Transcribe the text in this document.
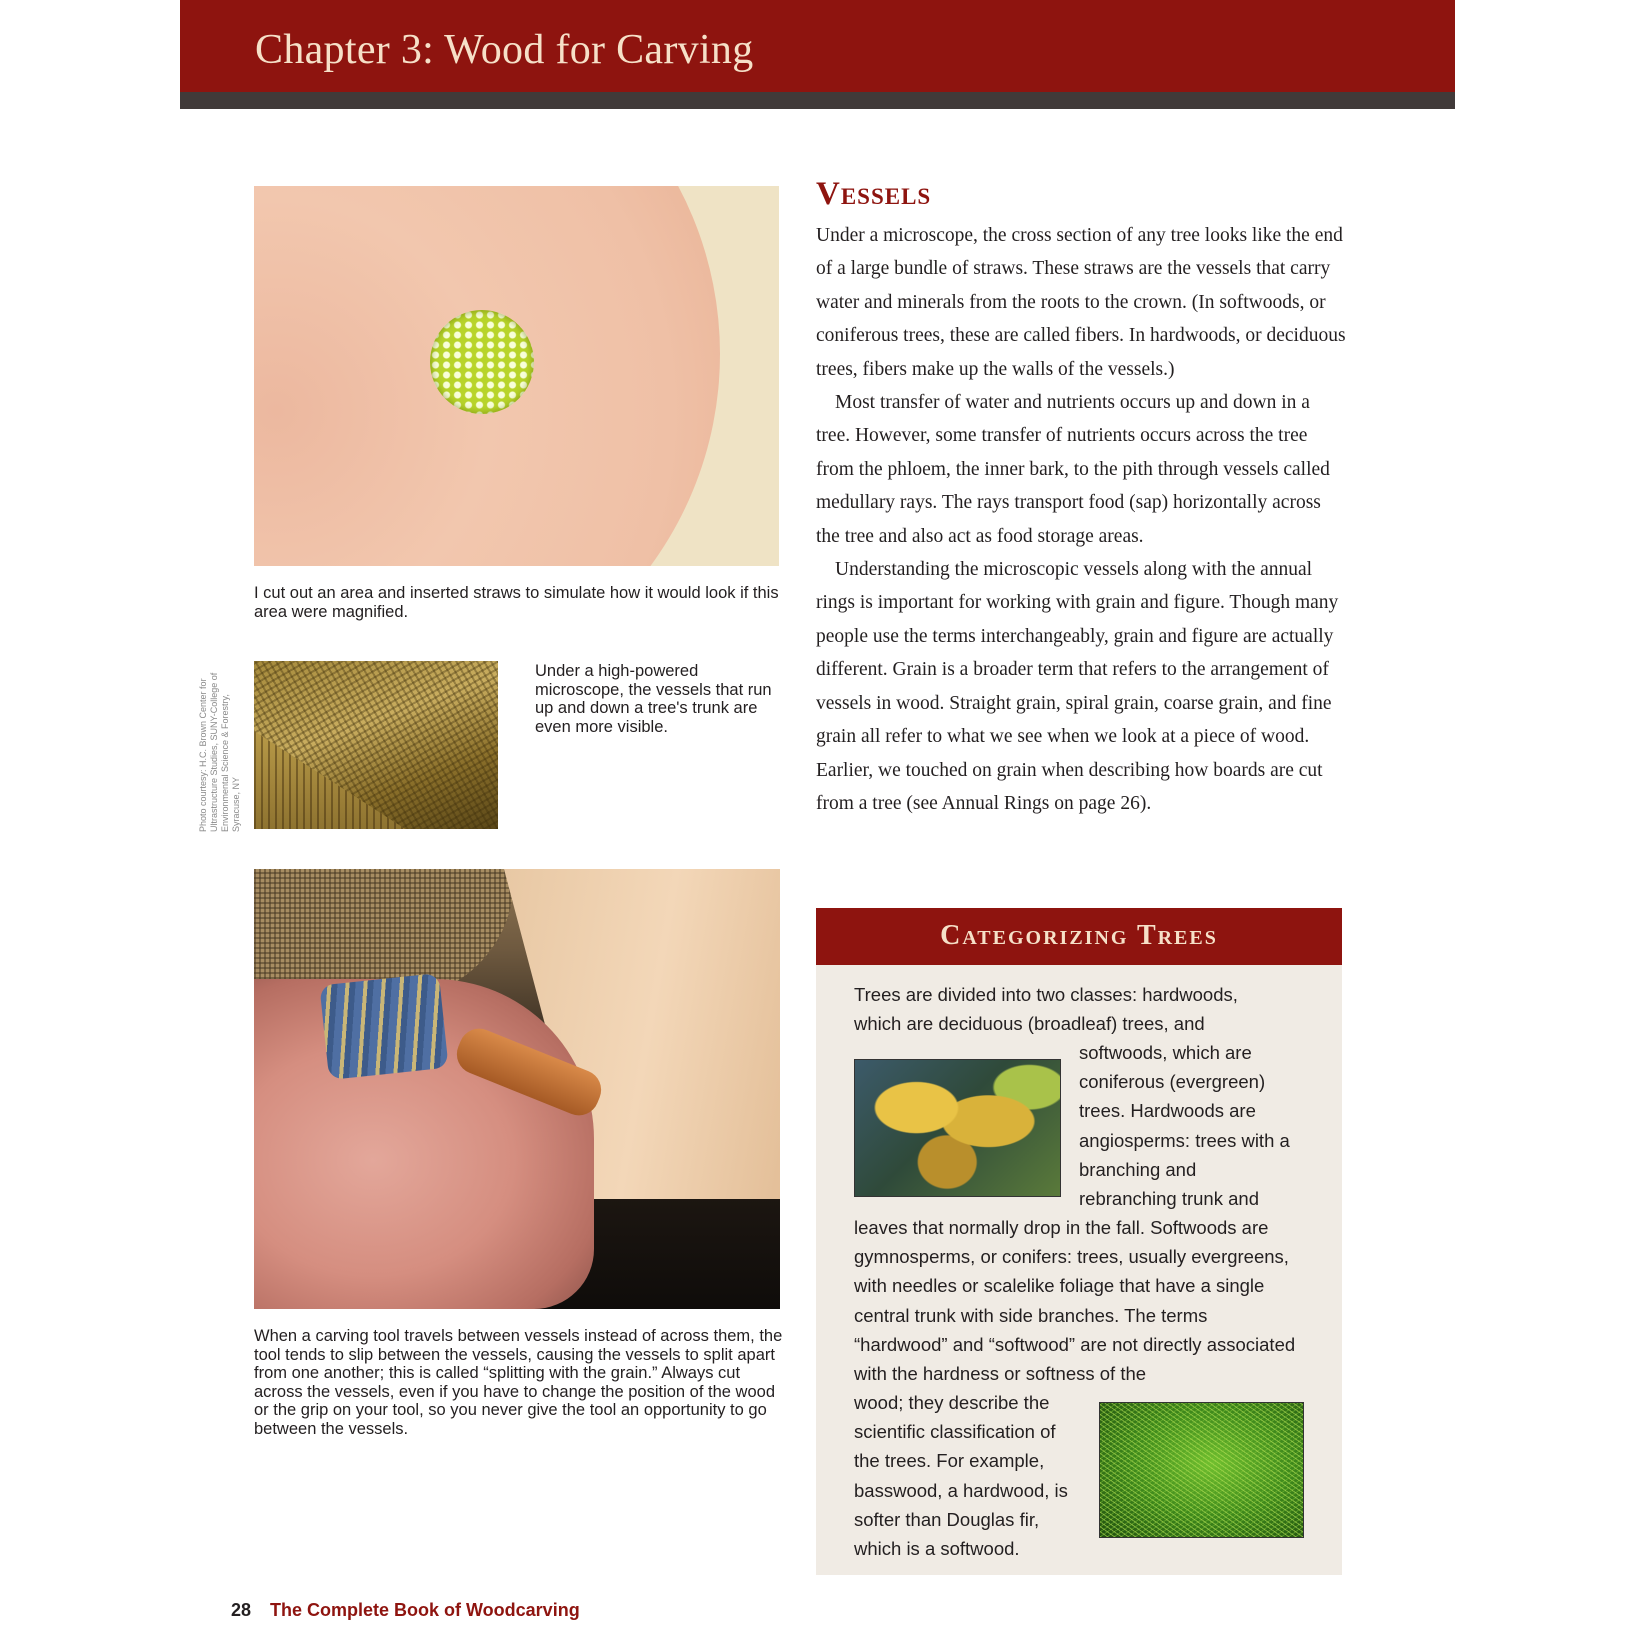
Chapter 3: Wood for Carving
I cut out an area and inserted straws to simulate how it would look if this area were magnified.
Photo courtesy: H.C. Brown Center for Ultrastructure Studies, SUNY-College of Environmental Science & Forestry, Syracuse, NY
Under a high-powered microscope, the vessels that run up and down a tree's trunk are even more visible.
When a carving tool travels between vessels instead of across them, the tool tends to slip between the vessels, causing the vessels to split apart from one another; this is called “splitting with the grain.” Always cut across the vessels, even if you have to change the position of the wood or the grip on your tool, so you never give the tool an opportunity to go between the vessels.
Vessels

Under a microscope, the cross section of any tree looks like the end of a large bundle of straws. These straws are the vessels that carry water and minerals from the roots to the crown. (In softwoods, or coniferous trees, these are called fibers. In hardwoods, or deciduous trees, fibers make up the walls of the vessels.)

Most transfer of water and nutrients occurs up and down in a tree. However, some transfer of nutrients occurs across the tree from the phloem, the inner bark, to the pith through vessels called medullary rays. The rays transport food (sap) horizontally across the tree and also act as food storage areas.

Understanding the microscopic vessels along with the annual rings is important for working with grain and figure. Though many people use the terms interchangeably, grain and figure are actually different. Grain is a broader term that refers to the arrangement of vessels in wood. Straight grain, spiral grain, coarse grain, and fine grain all refer to what we see when we look at a piece of wood. Earlier, we touched on grain when describing how boards are cut from a tree (see Annual Rings on page 26).

Categorizing Trees
Trees are divided into two classes: hardwoods, which are deciduous (broadleaf) trees, and
softwoods, which are coniferous (evergreen) trees. Hardwoods are angiosperms: trees with a branching and rebranching trunk and
leaves that normally drop in the fall. Softwoods are gymnosperms, or conifers: trees, usually evergreens, with needles or scalelike foliage that have a single central trunk with side branches. The terms “hardwood” and “softwood” are not directly associated with the hardness or softness of the
wood; they describe the scientific classification of the trees. For example, basswood, a hardwood, is softer than Douglas fir, which is a softwood.
28 The Complete Book of Woodcarving
